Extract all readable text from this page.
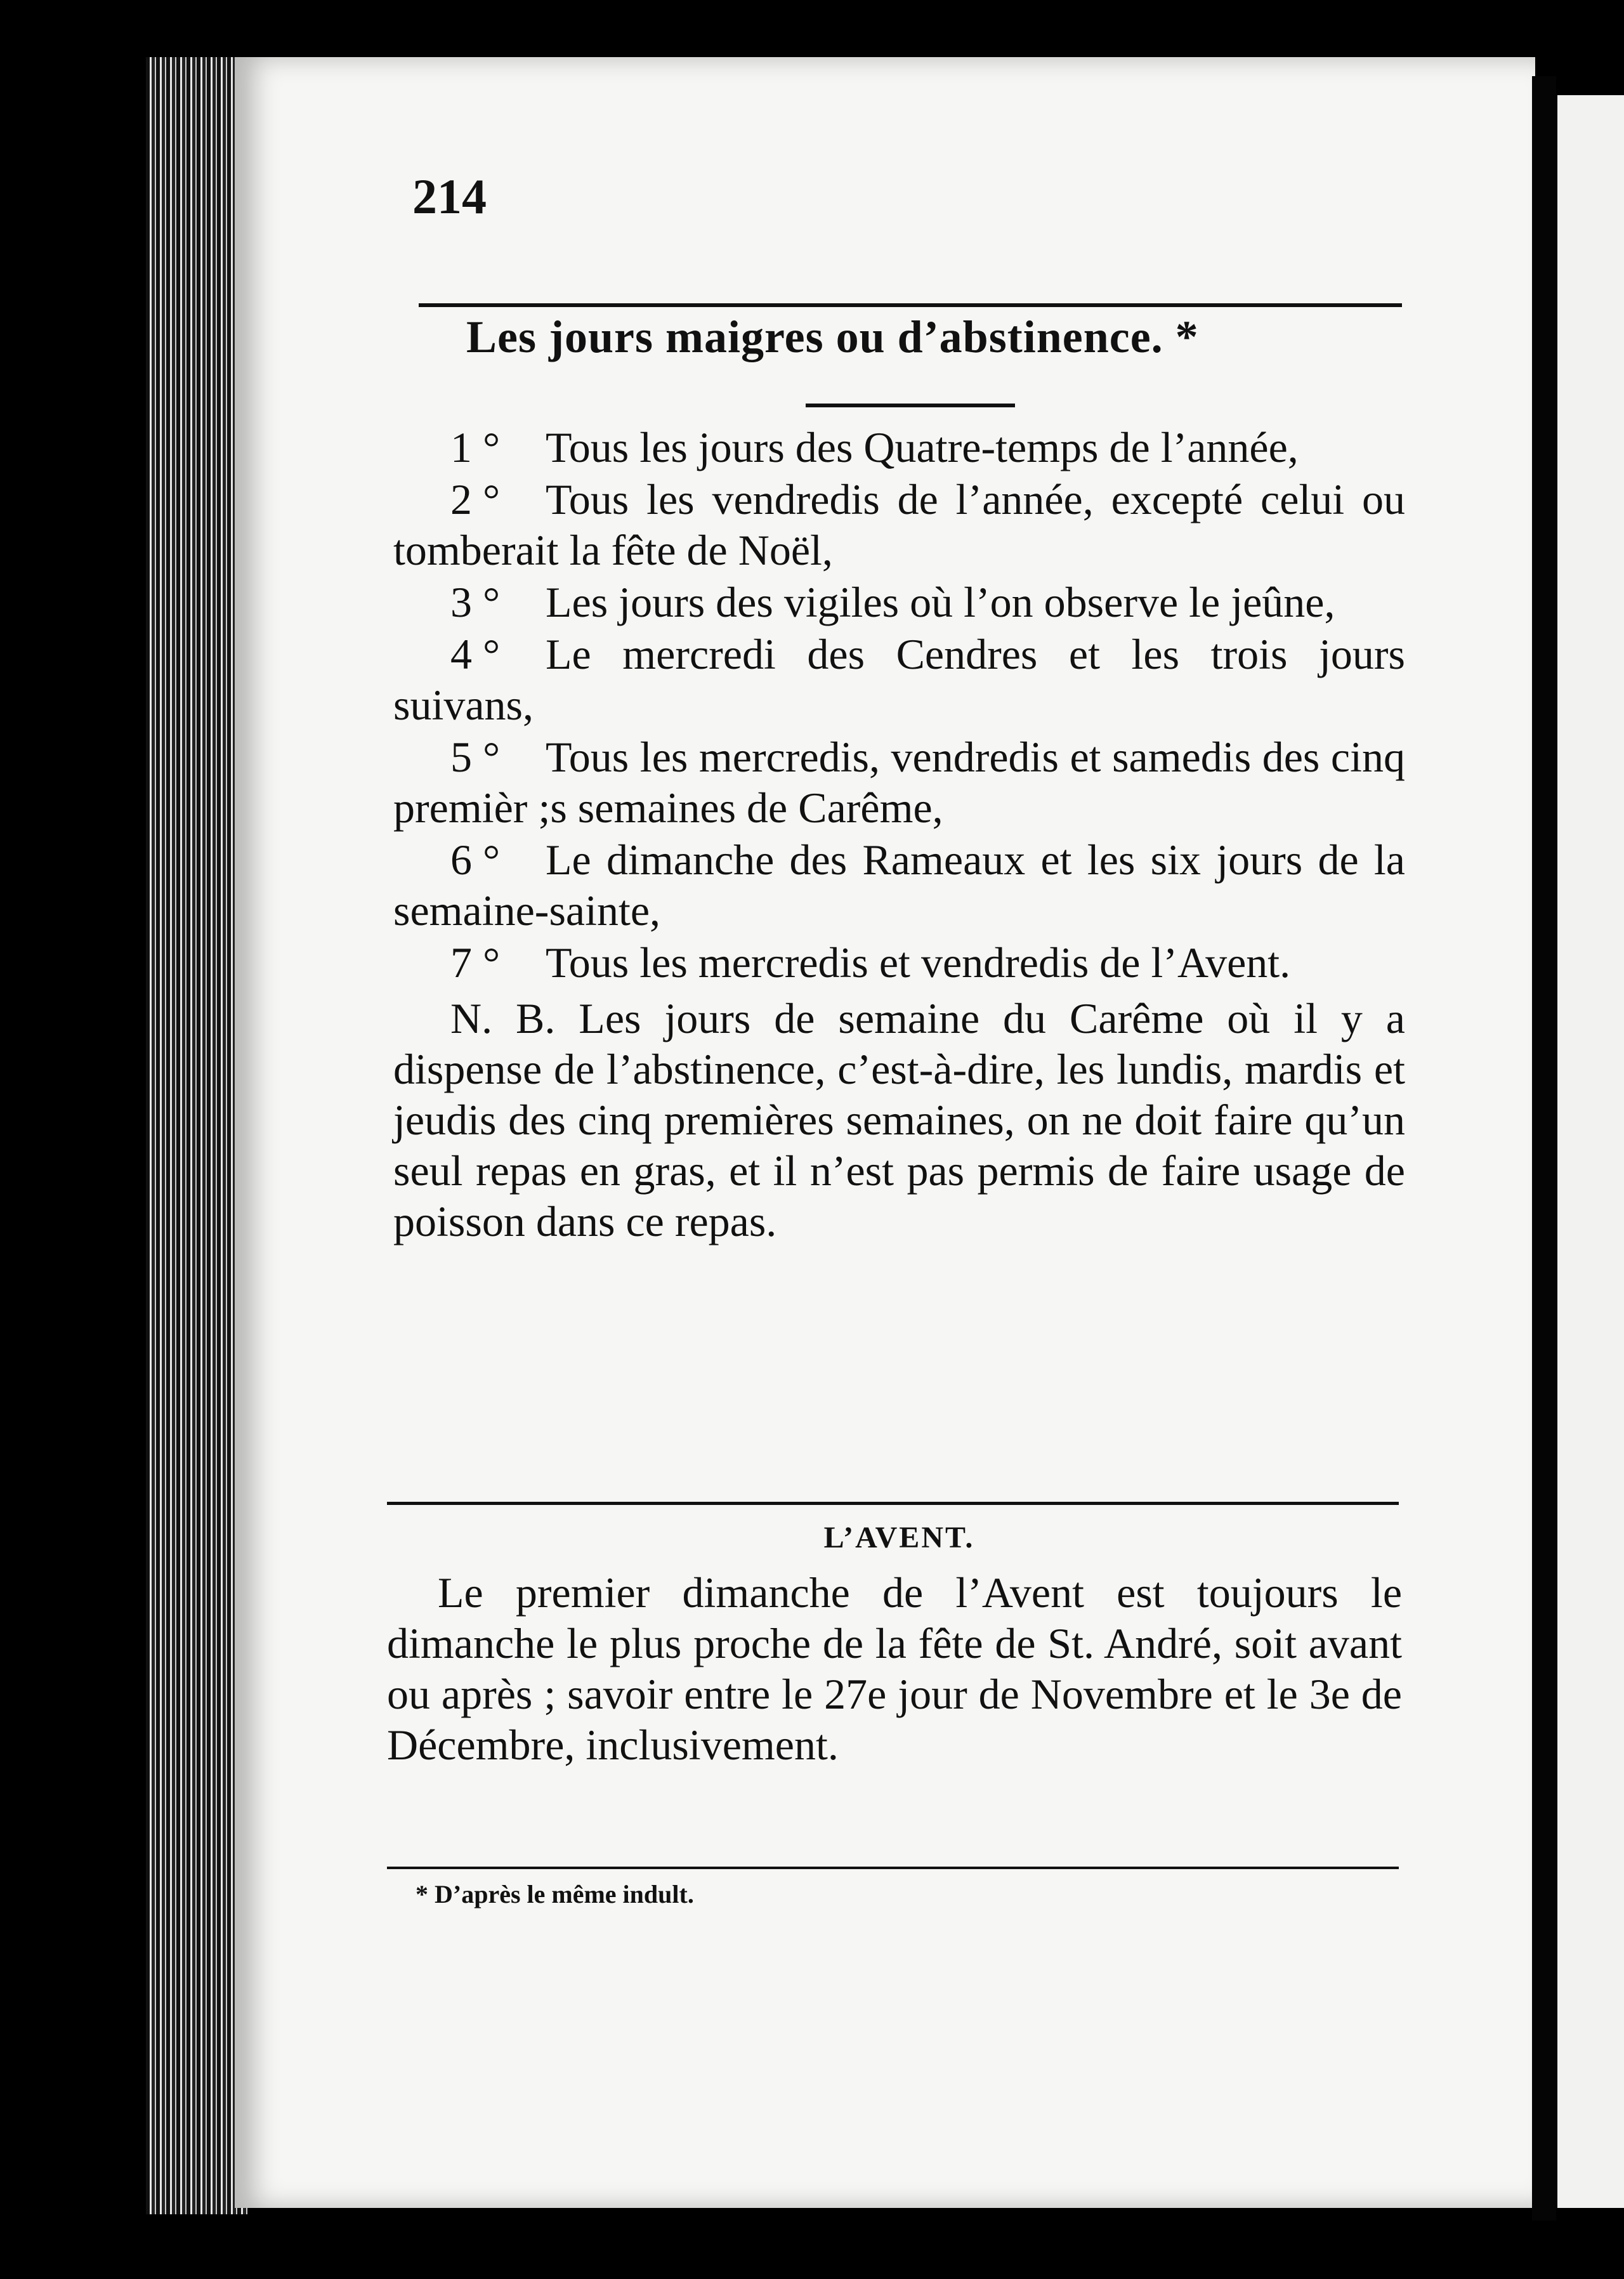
214
Les jours maigres ou d’abstinence. *

1 ° Tous les jours des Quatre-temps de l’année,

2 ° Tous les vendredis de l’année, excepté celui ou tomberait la fête de Noël,

3 ° Les jours des vigiles où l’on observe le jeûne,

4 ° Le mercredi des Cendres et les trois jours suivans,

5 ° Tous les mercredis, vendredis et samedis des cinq premièr ;s semaines de Carême,

6 ° Le dimanche des Rameaux et les six jours de la semaine-sainte,

7 ° Tous les mercredis et vendredis de l’Avent.

N. B. Les jours de semaine du Carême où il y a dispense de l’abstinence, c’est-à-dire, les lundis, mardis et jeudis des cinq premières semaines, on ne doit faire qu’un seul repas en gras, et il n’est pas permis de faire usage de poisson dans ce repas.

L’AVENT.
Le premier dimanche de l’Avent est toujours le dimanche le plus proche de la fête de St. André, soit avant ou après ; savoir entre le 27e jour de Novembre et le 3e de Décembre, inclusivement.
* D’après le même indult.
